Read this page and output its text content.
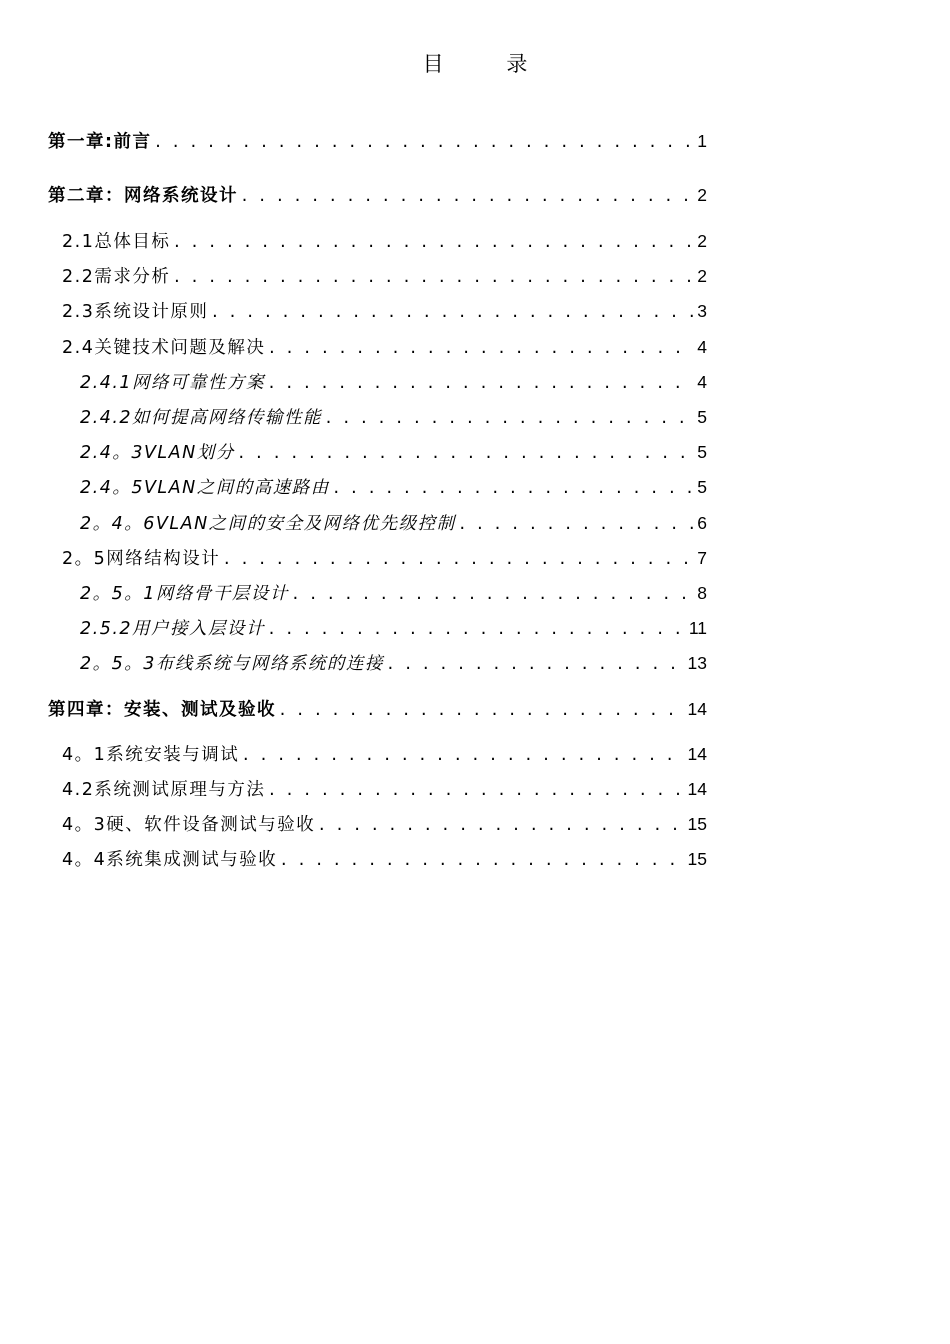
目 录
第一章:前言 . . .	1
第二章：网络系统设计 . . .	2
2.1总体目标 . . .	2
2.2需求分析 . . .	2
2.3系统设计原则 . . .	3
2.4关键技术问题及解决 . . .	4
2.4.1网络可靠性方案 . . .	4
2.4.2如何提高网络传输性能 . . .	5
2.4。3VLAN划分 . . .	5
2.4。5VLAN之间的高速路由 . . .	5
2。4。6VLAN之间的安全及网络优先级控制 . . .	6
2。5网络结构设计 . . .	7
2。5。1网络骨干层设计 . . .	8
2.5.2用户接入层设计 . . .	11
2。5。3布线系统与网络系统的连接 . . .	13
第四章：安装、测试及验收 . . .	14
4。1系统安装与调试 . . .	14
4.2系统测试原理与方法 . . .	14
4。3硬、软件设备测试与验收 . . .	15
4。4系统集成测试与验收 . . .	15
